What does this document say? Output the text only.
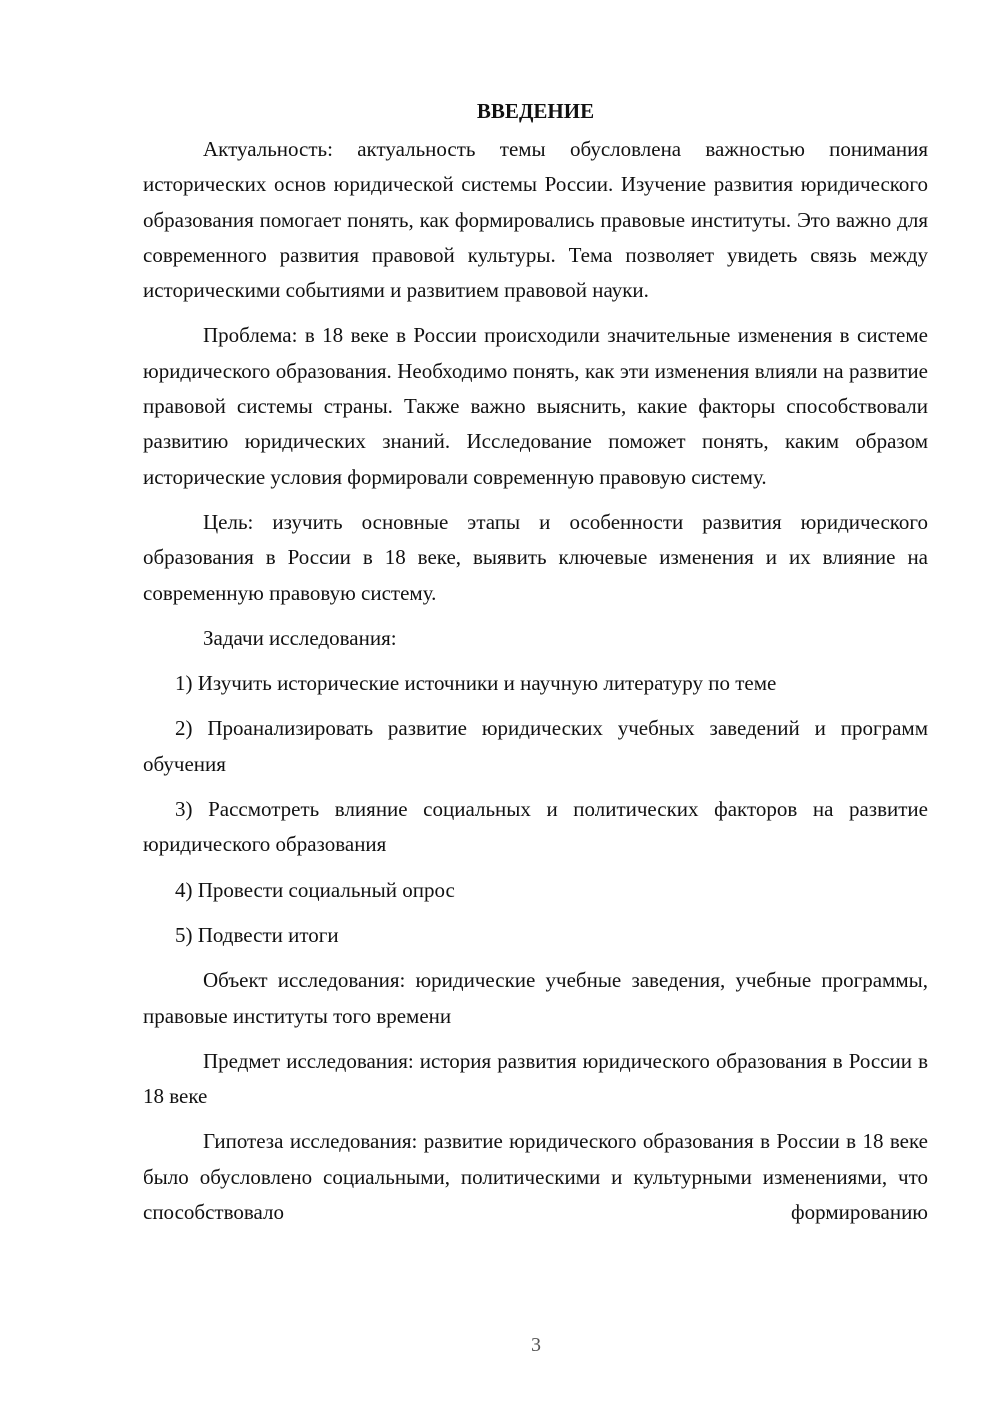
ВВЕДЕНИЕ

Актуальность: актуальность темы обусловлена важностью понимания исторических основ юридической системы России. Изучение развития юридического образования помогает понять, как формировались правовые институты. Это важно для современного развития правовой культуры. Тема позволяет увидеть связь между историческими событиями и развитием правовой науки.

Проблема: в 18 веке в России происходили значительные изменения в системе юридического образования. Необходимо понять, как эти изменения влияли на развитие правовой системы страны. Также важно выяснить, какие факторы способствовали развитию юридических знаний. Исследование поможет понять, каким образом исторические условия формировали современную правовую систему.

Цель: изучить основные этапы и особенности развития юридического образования в России в 18 веке, выявить ключевые изменения и их влияние на современную правовую систему.

Задачи исследования:

1) Изучить исторические источники и научную литературу по теме

2) Проанализировать развитие юридических учебных заведений и программ обучения

3) Рассмотреть влияние социальных и политических факторов на развитие юридического образования

4) Провести социальный опрос

5) Подвести итоги

Объект исследования: юридические учебные заведения, учебные программы, правовые институты того времени

Предмет исследования: история развития юридического образования в России в 18 веке

Гипотеза исследования: развитие юридического образования в России в 18 веке было обусловлено социальными, политическими и культурными изменениями, что способствовало формированию

3
